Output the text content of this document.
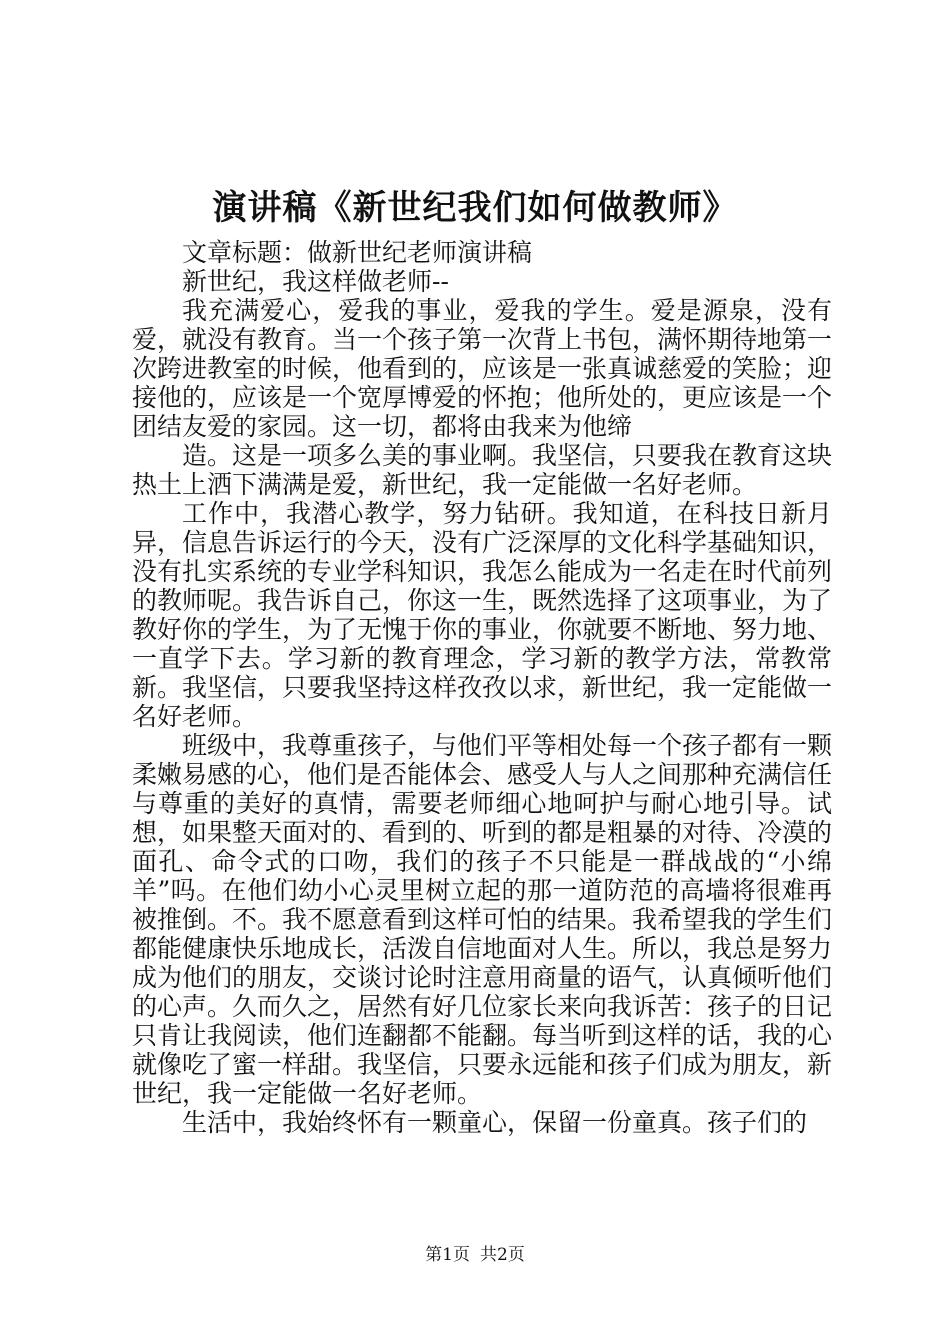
演讲稿《新世纪我们如何做教师》

文章标题：做新世纪老师演讲稿

新世纪，我这样做老师--

我充满爱心，爱我的事业，爱我的学生。爱是源泉，没有爱，就没有教育。当一个孩子第一次背上书包，满怀期待地第一次跨进教室的时候，他看到的，应该是一张真诚慈爱的笑脸；迎接他的，应该是一个宽厚博爱的怀抱；他所处的，更应该是一个团结友爱的家园。这一切，都将由我来为他缔

造。这是一项多么美的事业啊。我坚信，只要我在教育这块热土上洒下满满是爱，新世纪，我一定能做一名好老师。

工作中，我潜心教学，努力钻研。我知道，在科技日新月异，信息告诉运行的今天，没有广泛深厚的文化科学基础知识，没有扎实系统的专业学科知识，我怎么能成为一名走在时代前列的教师呢。我告诉自己，你这一生，既然选择了这项事业，为了教好你的学生，为了无愧于你的事业，你就要不断地、努力地、一直学下去。学习新的教育理念，学习新的教学方法，常教常新。我坚信，只要我坚持这样孜孜以求，新世纪，我一定能做一名好老师。

班级中，我尊重孩子，与他们平等相处每一个孩子都有一颗柔嫩易感的心，他们是否能体会、感受人与人之间那种充满信任与尊重的美好的真情，需要老师细心地呵护与耐心地引导。试想，如果整天面对的、看到的、听到的都是粗暴的对待、冷漠的面孔、命令式的口吻，我们的孩子不只能是一群战战的“小绵羊”吗。在他们幼小心灵里树立起的那一道防范的高墙将很难再被推倒。不。我不愿意看到这样可怕的结果。我希望我的学生们都能健康快乐地成长，活泼自信地面对人生。所以，我总是努力成为他们的朋友，交谈讨论时注意用商量的语气，认真倾听他们的心声。久而久之，居然有好几位家长来向我诉苦：孩子的日记只肯让我阅读，他们连翻都不能翻。每当听到这样的话，我的心就像吃了蜜一样甜。我坚信，只要永远能和孩子们成为朋友，新世纪，我一定能做一名好老师。

生活中，我始终怀有一颗童心，保留一份童真。孩子们的

第1页 共2页
